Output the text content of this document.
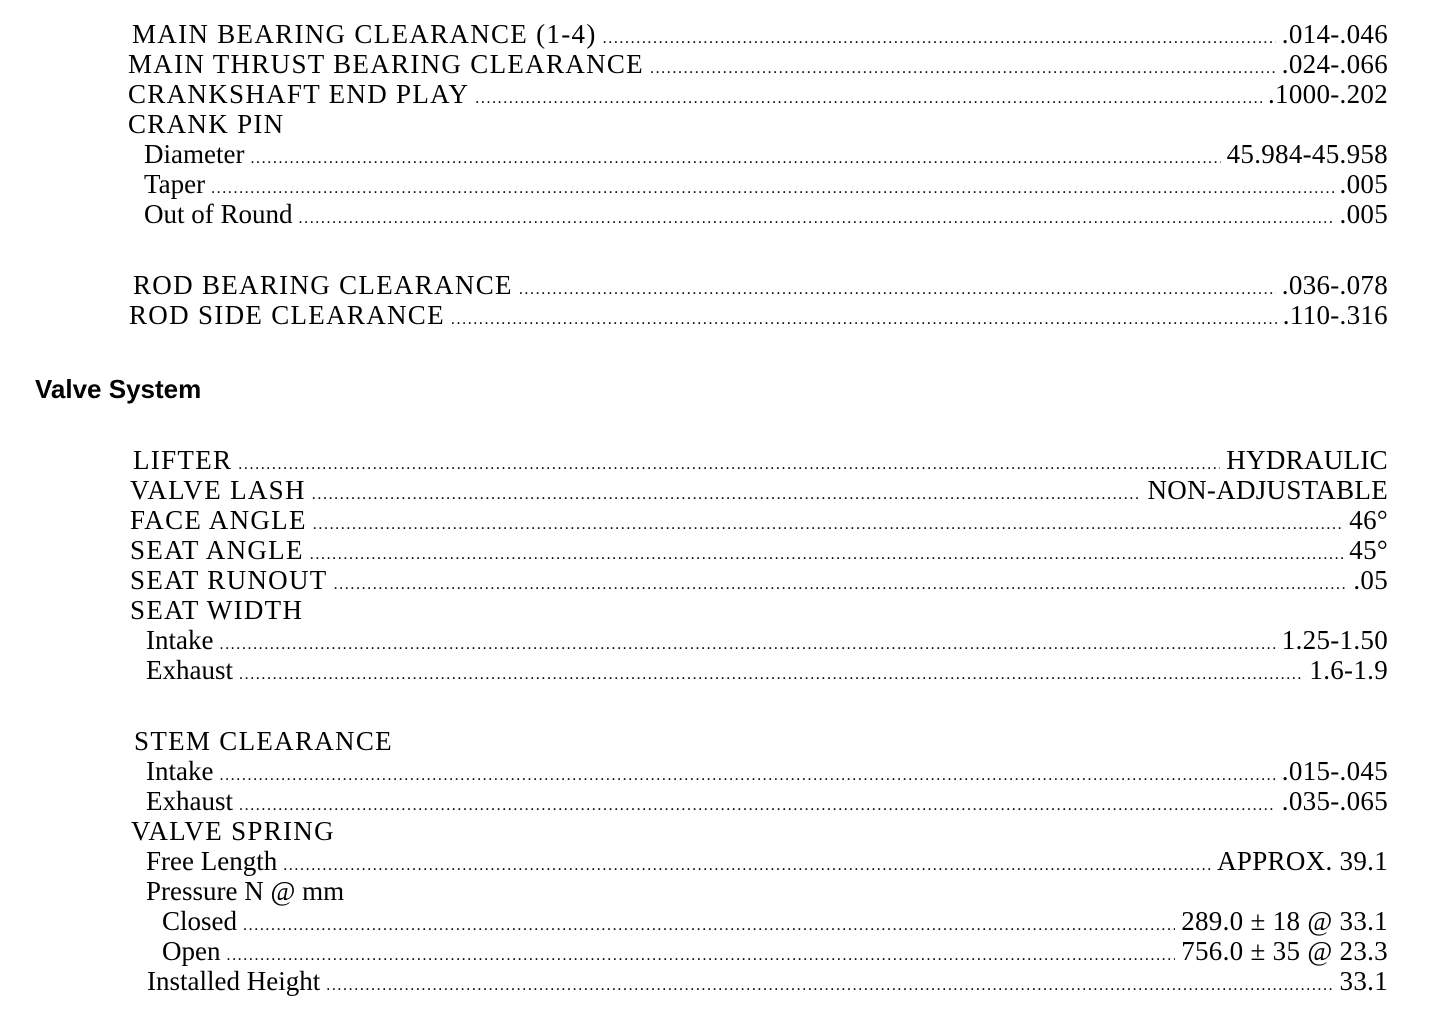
MAIN BEARING CLEARANCE (1-4) .....	.014-.046
MAIN THRUST BEARING CLEARANCE .....	.024-.066
CRANKSHAFT END PLAY .....	.1000-.202
CRANK PIN
Diameter .....	45.984-45.958
Taper .....	.005
Out of Round .....	.005
ROD BEARING CLEARANCE .....	.036-.078
ROD SIDE CLEARANCE .....	.110-.316
Valve System
LIFTER .....	HYDRAULIC
VALVE LASH .....	NON-ADJUSTABLE
FACE ANGLE .....	46°
SEAT ANGLE .....	45°
SEAT RUNOUT .....	.05
SEAT WIDTH
Intake .....	1.25-1.50
Exhaust .....	1.6-1.9
STEM CLEARANCE
Intake .....	.015-.045
Exhaust .....	.035-.065
VALVE SPRING
Free Length .....	APPROX. 39.1
Pressure N @ mm
Closed .....	289.0 ± 18 @ 33.1
Open .....	756.0 ± 35 @ 23.3
Installed Height .....	33.1
